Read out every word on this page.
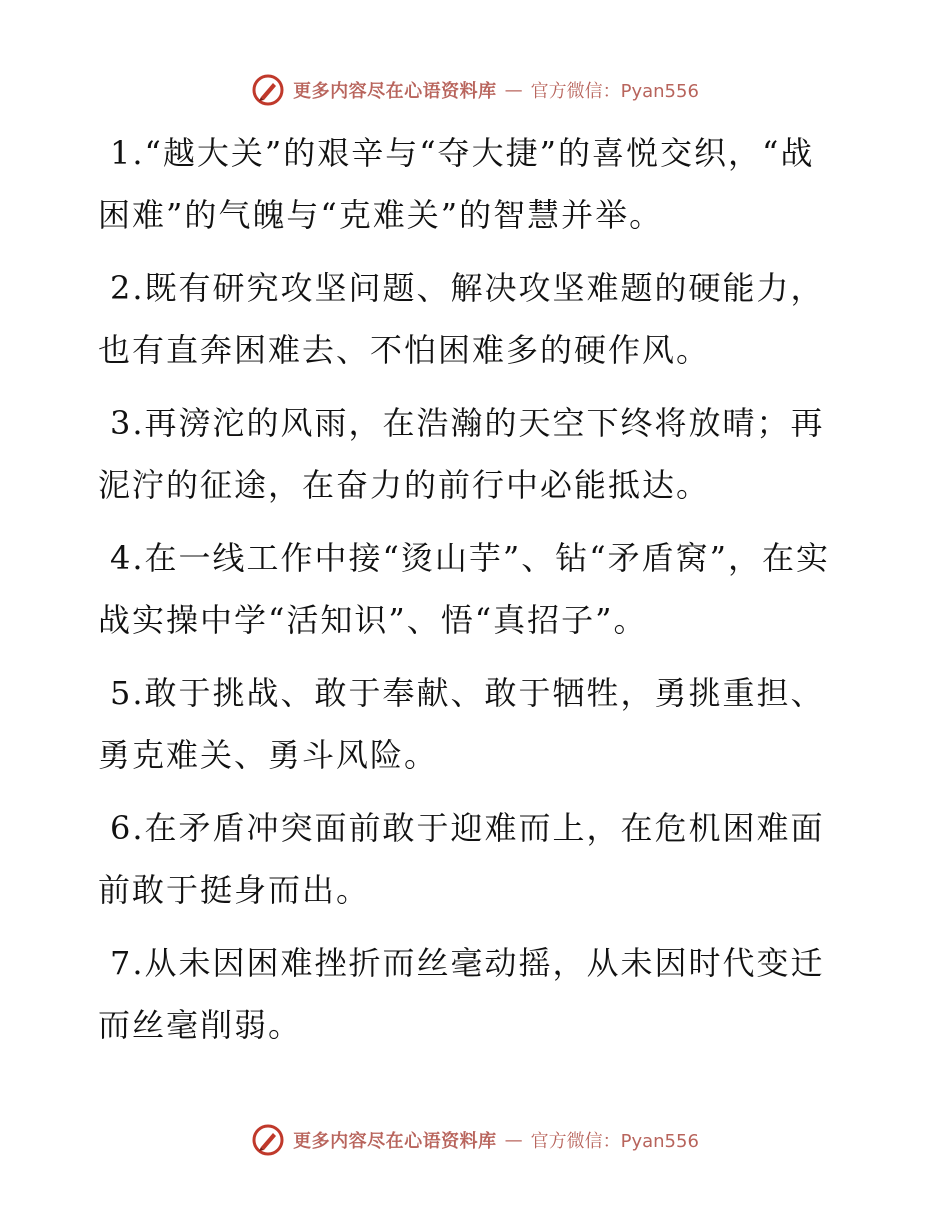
更多内容尽在心语资料库 — 官方微信：Pyan556

1.“越大关”的艰辛与“夺大捷”的喜悦交织，“战困难”的气魄与“克难关”的智慧并举。

2.既有研究攻坚问题、解决攻坚难题的硬能力，也有直奔困难去、不怕困难多的硬作风。

3.再滂沱的风雨，在浩瀚的天空下终将放晴；再泥泞的征途，在奋力的前行中必能抵达。

4.在一线工作中接“烫山芋”、钻“矛盾窝”，在实战实操中学“活知识”、悟“真招子”。

5.敢于挑战、敢于奉献、敢于牺牲，勇挑重担、勇克难关、勇斗风险。

6.在矛盾冲突面前敢于迎难而上，在危机困难面前敢于挺身而出。

7.从未因困难挫折而丝毫动摇，从未因时代变迁而丝毫削弱。

更多内容尽在心语资料库 — 官方微信：Pyan556
